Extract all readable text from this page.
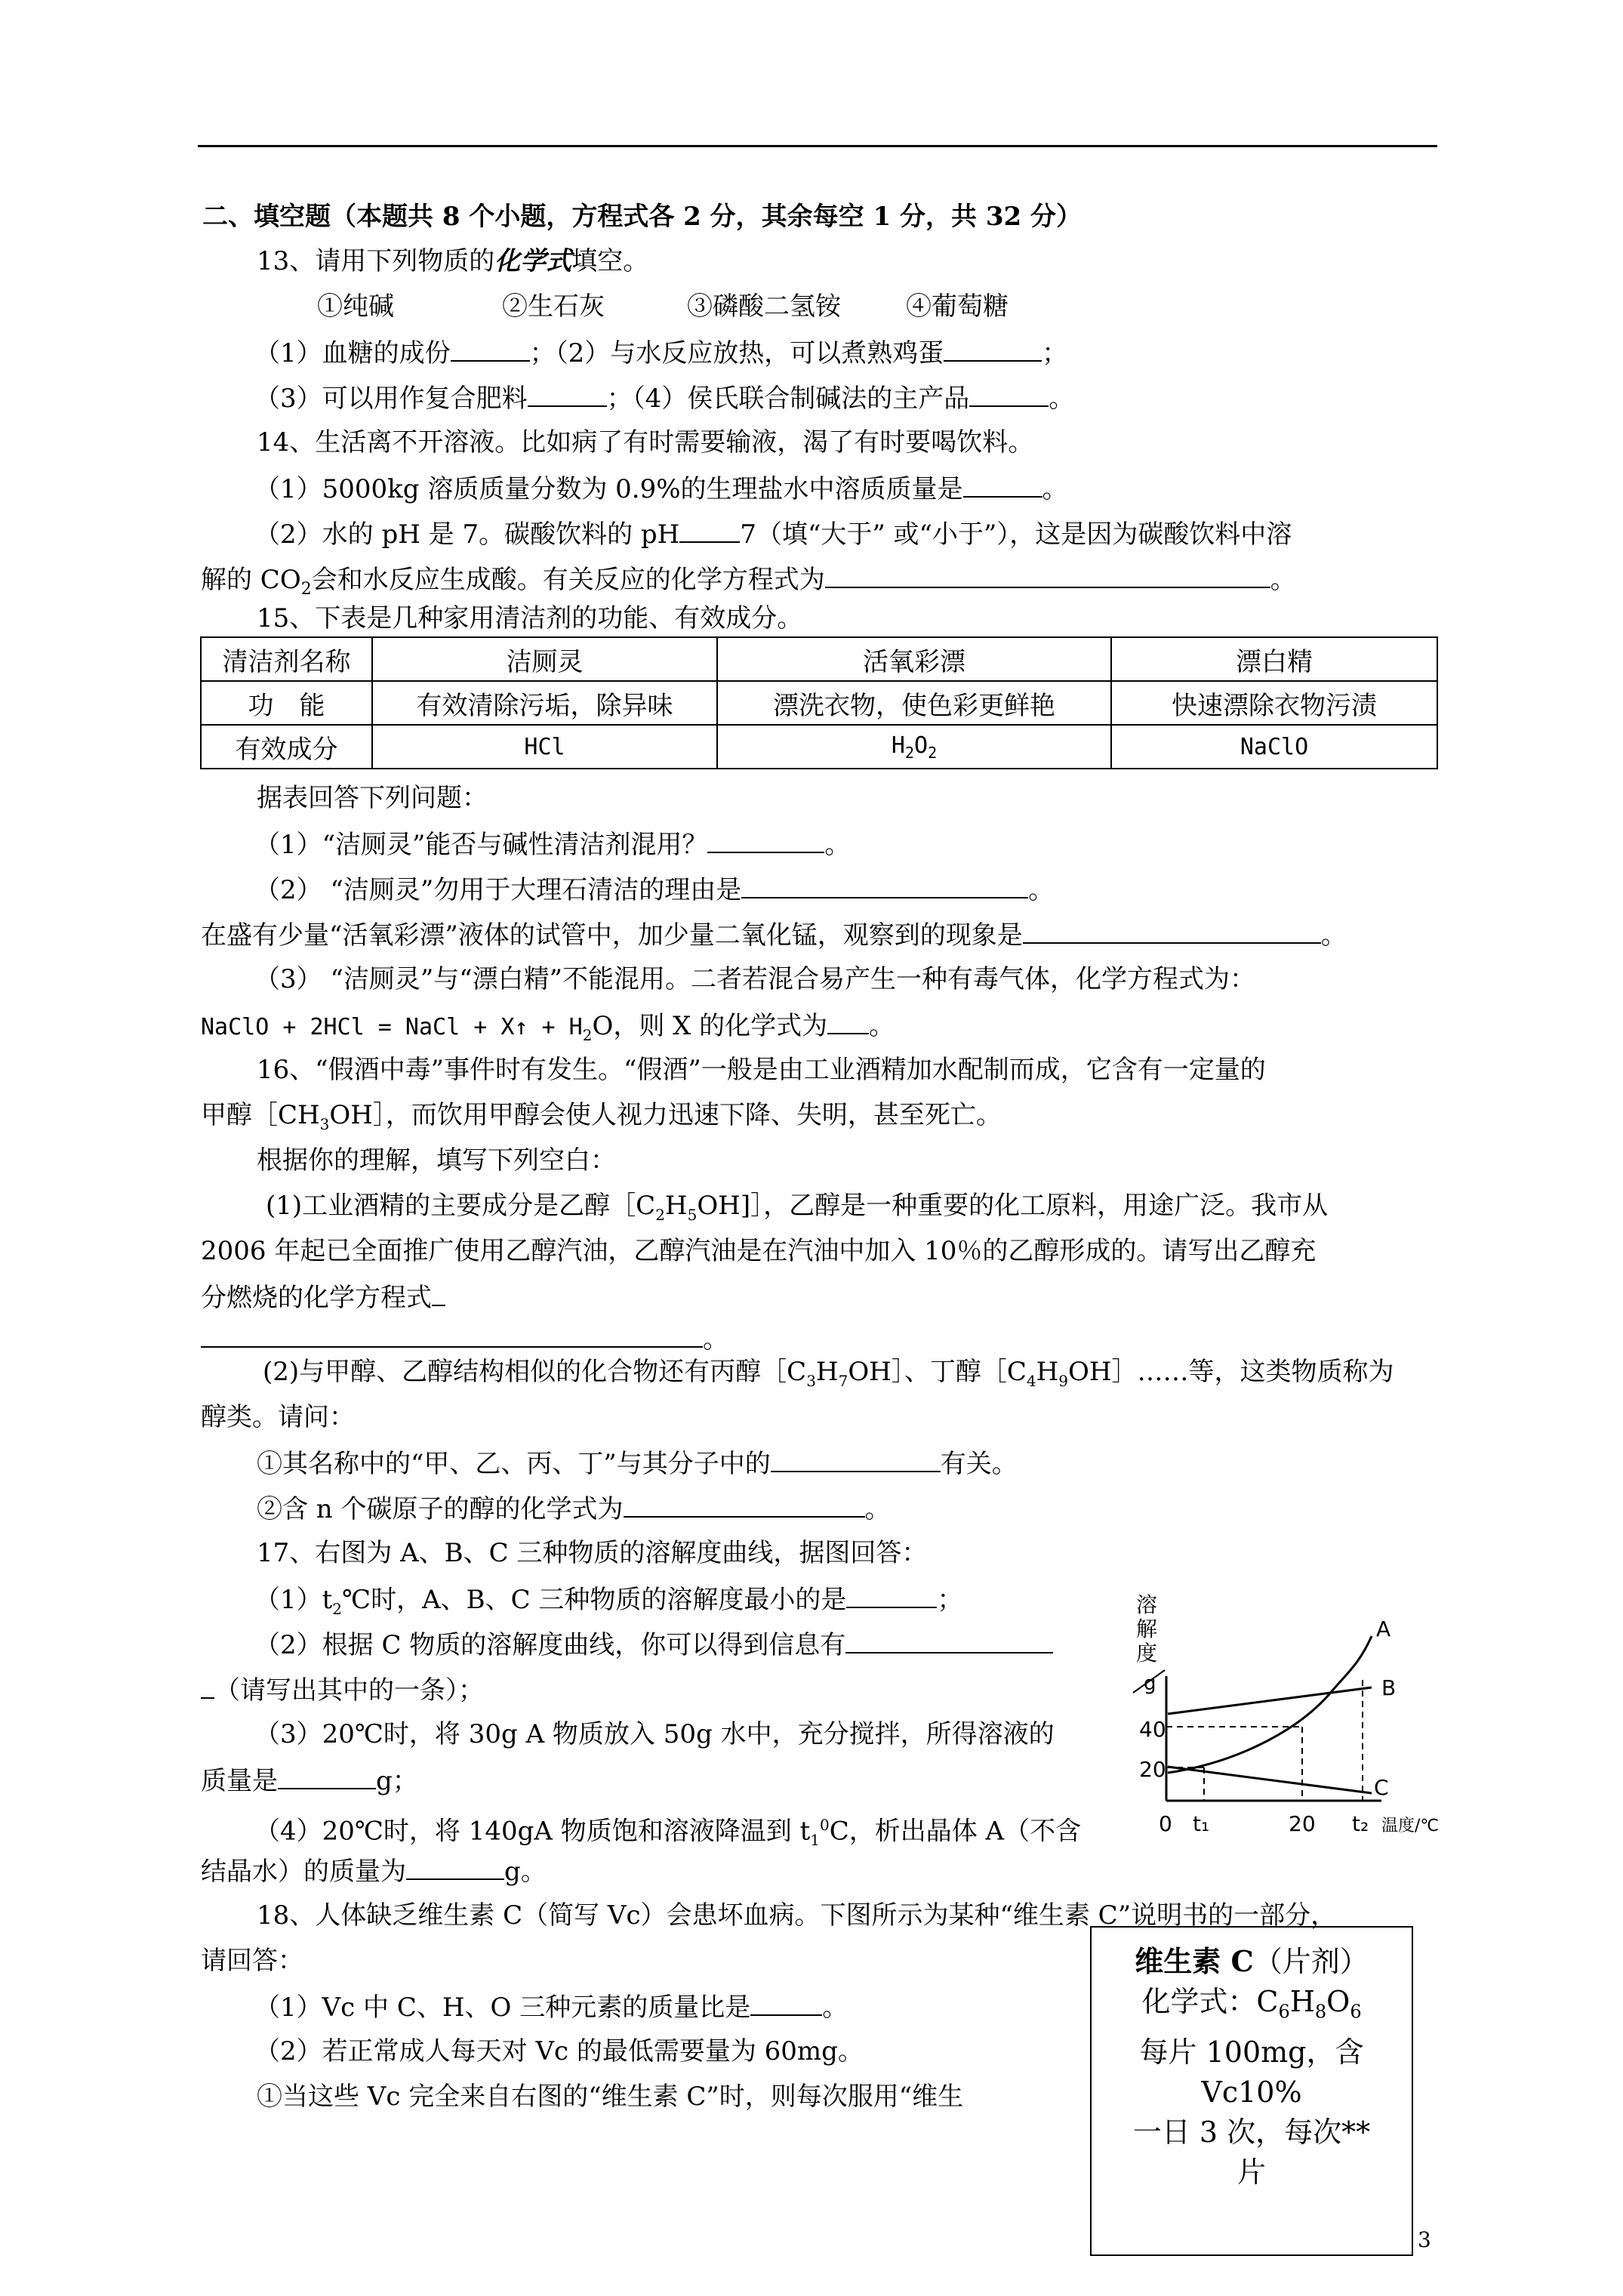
二、填空题（本题共 8 个小题，方程式各 2 分，其余每空 1 分，共 32 分）
13、请用下列物质的化学式填空。
①纯碱	②生石灰	③磷酸二氢铵	④葡萄糖
（1）血糖的成份	；（2）与水反应放热，可以煮熟鸡蛋	；
（3）可以用作复合肥料	；（4）侯氏联合制碱法的主产品	。
14、生活离不开溶液。比如病了有时需要输液，渴了有时要喝饮料。
（1）5000kg 溶质质量分数为 0.9%的生理盐水中溶质质量是	。
（2）水的 pH 是 7。碳酸饮料的 pH 7（填“大于” 或“小于”），这是因为碳酸饮料中溶
解的 $CO_2$会和水反应生成酸。有关反应的化学方程式为	。
15、下表是几种家用清洁剂的功能、有效成分。
清洁剂名称	洁厕灵	活氧彩漂	漂白精
功　能	有效清除污垢，除异味	漂洗衣物，使色彩更鲜艳	快速漂除衣物污渍
有效成分	HCl	$H_2O_2$	NaClO
据表回答下列问题：
（1）“洁厕灵”能否与碱性清洁剂混用？	。
（2） “洁厕灵”勿用于大理石清洁的理由是	。
在盛有少量“活氧彩漂”液体的试管中，加少量二氧化锰，观察到的现象是	。
（3） “洁厕灵”与“漂白精”不能混用。二者若混合易产生一种有毒气体，化学方程式为：
NaClO + 2HCl = NaCl + X↑ + $H_2O$，则 X 的化学式为 。
16、“假酒中毒”事件时有发生。“假酒”一般是由工业酒精加水配制而成，它含有一定量的
甲醇$[CH_3OH]$，而饮用甲醇会使人视力迅速下降、失明，甚至死亡。
根据你的理解，填写下列空白：
(1)工业酒精的主要成分是乙醇$[C_2H_5OH]]$，乙醇是一种重要的化工原料，用途广泛。我市从
2006 年起已全面推广使用乙醇汽油，乙醇汽油是在汽油中加入 10％的乙醇形成的。请写出乙醇充
分燃烧的化学方程式
。
(2)与甲醇、乙醇结构相似的化合物还有丙醇$[C_3H_7OH]$、丁醇$[C_4H_9OH]\dots\dots$等，这类物质称为
醇类。请问：
①其名称中的“甲、乙、丙、丁”与其分子中的	有关。
②含 n 个碳原子的醇的化学式为	。
17、右图为 A、B、C 三种物质的溶解度曲线，据图回答：
$(1)t_2℃$时，A、B、C 三种物质的溶解度最小的是	；
（2）根据 C 物质的溶解度曲线，你可以得到信息有
（请写出其中的一条）；
（3）20℃时，将 30g A 物质放入 50g 水中，充分搅拌，所得溶液的
质量是	g；
（4）20℃时，将 140gA 物质饱和溶液降温到 $t_1^0C$，析出晶体 A（不含
结晶水）的质量为	g。
溶
解
度
g
40
20
A
B
C
0 t₁	20 t₂ 温度/℃
18、人体缺乏维生素 C（简写 Vc）会患坏血病。下图所示为某种“维生素 C”说明书的一部分，
请回答：
（1）Vc 中 C、H、O 三种元素的质量比是	。
（2）若正常成人每天对 Vc 的最低需要量为 60mg。
①当这些 Vc 完全来自右图的“维生素 C”时，则每次服用“维生
维生素 C（片剂）
化学式：$C_6H_8O_6$
每片 100mg，含
Vc10%
一日 3 次，每次**
片
3
